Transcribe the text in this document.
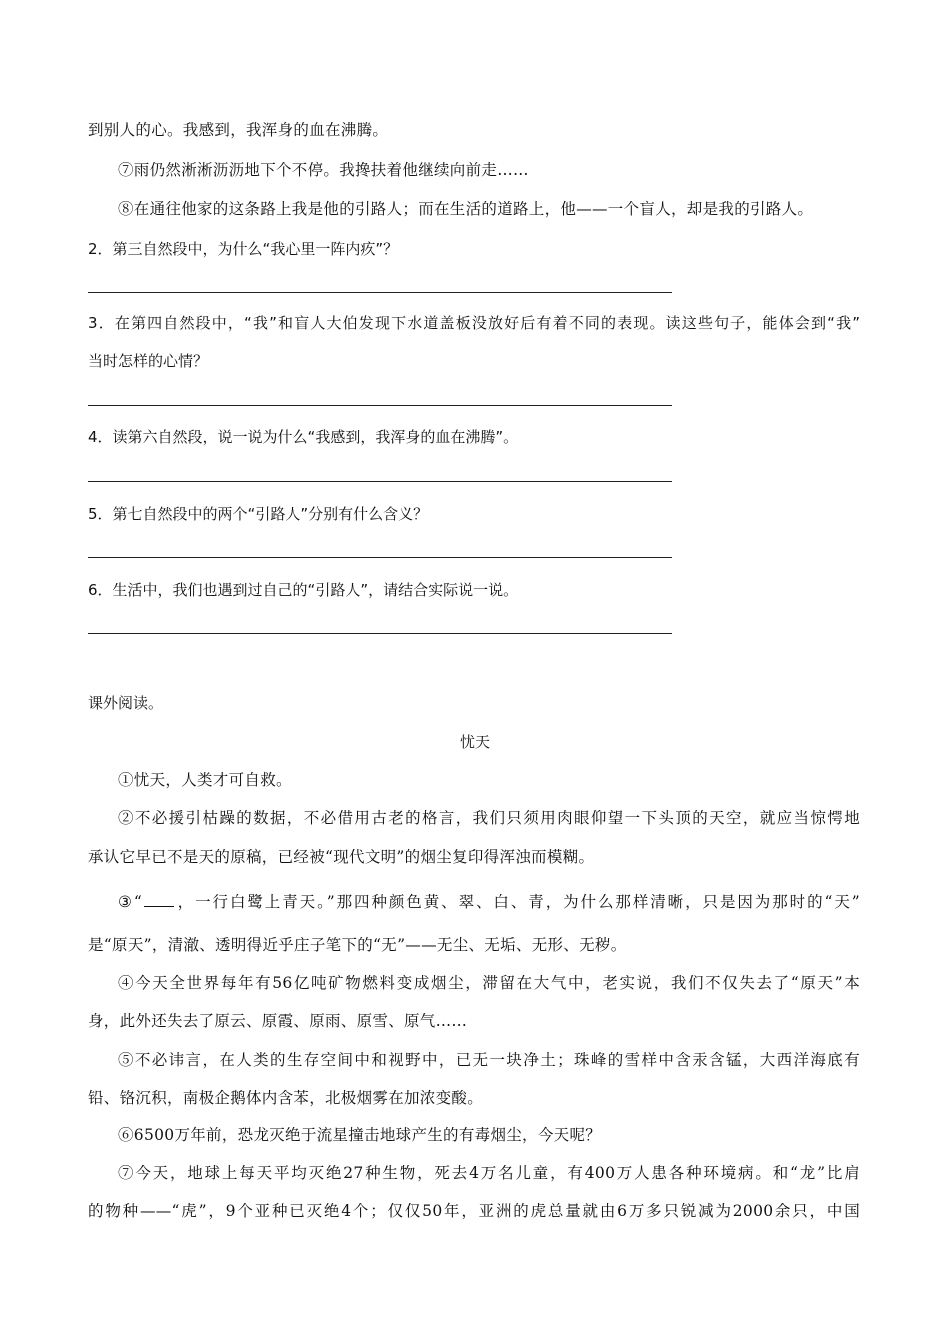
到别人的心。我感到，我浑身的血在沸腾。
⑦雨仍然淅淅沥沥地下个不停。我搀扶着他继续向前走……
⑧在通往他家的这条路上我是他的引路人；而在生活的道路上，他——一个盲人，却是我的引路人。
2．第三自然段中，为什么“我心里一阵内疚”？
3．在第四自然段中，“我”和盲人大伯发现下水道盖板没放好后有着不同的表现。读这些句子，能体会到“我”
当时怎样的心情？
4．读第六自然段，说一说为什么“我感到，我浑身的血在沸腾”。
5．第七自然段中的两个“引路人”分别有什么含义？
6．生活中，我们也遇到过自己的“引路人”，请结合实际说一说。
课外阅读。
忧天
①忧天，人类才可自救。
②不必援引枯躁的数据，不必借用古老的格言，我们只须用肉眼仰望一下头顶的天空，就应当惊愕地
承认它早已不是天的原稿，已经被“现代文明”的烟尘复印得浑浊而模糊。
③“ ，一行白鹭上青天。”那四种颜色黄、翠、白、青，为什么那样清晰，只是因为那时的“天”
是“原天”，清澈、透明得近乎庄子笔下的“无”——无尘、无垢、无形、无秽。
④今天全世界每年有56亿吨矿物燃料变成烟尘，滞留在大气中，老实说，我们不仅失去了“原天”本
身，此外还失去了原云、原霞、原雨、原雪、原气……
⑤不必讳言，在人类的生存空间中和视野中，已无一块净土；珠峰的雪样中含汞含锰，大西洋海底有
铅、铬沉积，南极企鹅体内含苯，北极烟雾在加浓变酸。
⑥6500万年前，恐龙灭绝于流星撞击地球产生的有毒烟尘，今天呢？
⑦今天，地球上每天平均灭绝27种生物，死去4万名儿童，有400万人患各种环境病。和“龙”比肩
的物种——“虎”，9个亚种已灭绝4个；仅仅50年，亚洲的虎总量就由6万多只锐减为2000余只，中国
